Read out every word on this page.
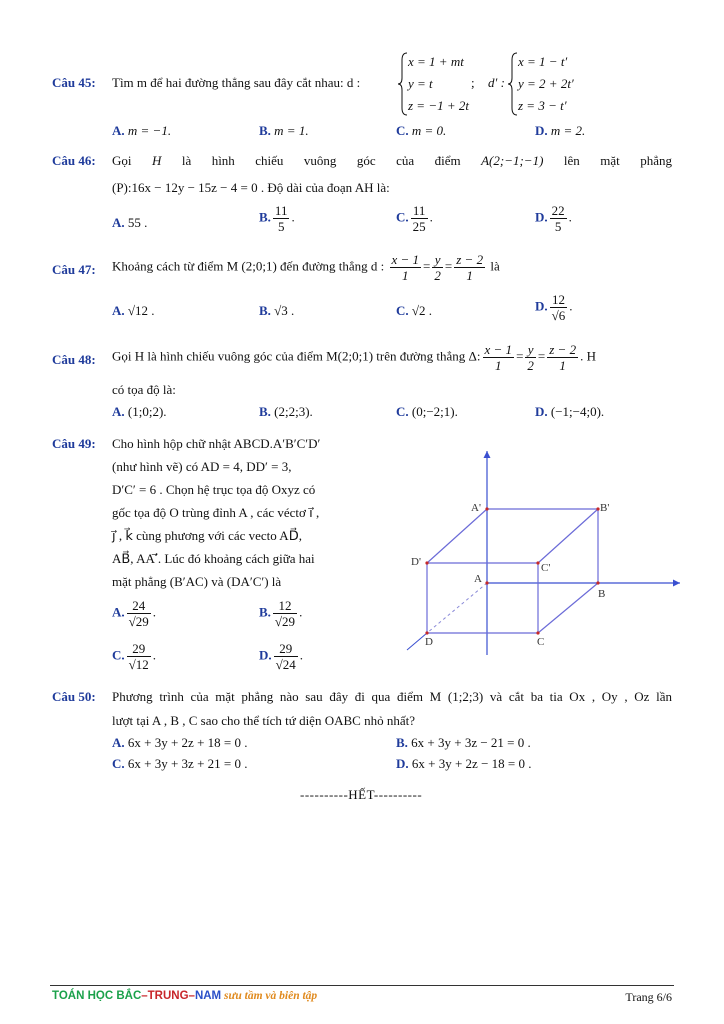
Câu 45: Tìm m để hai đường thẳng sau đây cắt nhau: d :
x = 1 + mt
y = t
z = −1 + 2t
; d′ :
x = 1 − t′
y = 2 + 2t′
z = 3 − t′
A. m = −1.	B. m = 1.	C. m = 0.	D. m = 2.
Câu 46: Gọi H là hình chiếu vuông góc của điểm A(2;−1;−1) lên mặt phẳng
(P):16x − 12y − 15z − 4 = 0 . Độ dài của đoạn AH là:
A. 55 .	B. $\frac{11}{5}$ .	C. $\frac{11}{25}$ .	D. $\frac{22}{5}$ .
Câu 47: Khoảng cách từ điểm M (2;0;1) đến đường thẳng d : $\frac{x - 1}{1} = \frac{y}{2} = \frac{z - 2}{1}$ là
A. √12 .	B. √3 .	C. √2 .	D. $\frac{12}{√6}$ .
Câu 48: Gọi H là hình chiếu vuông góc của điểm M(2;0;1) trên đường thẳng Δ: $\frac{x - 1}{1} = \frac{y}{2} = \frac{z - 2}{1}$ . H
có tọa độ là:
A. (1;0;2).	B. (2;2;3).	C. (0;−2;1).	D. (−1;−4;0).
Câu 49: Cho hình hộp chữ nhật ABCD.A′B′C′D′
(như hình vẽ) có AD = 4, DD′ = 3,
D′C′ = 6 . Chọn hệ trục tọa độ Oxyz có
gốc tọa độ O trùng đỉnh A , các véctơ i⃗ ,
j⃗ , k⃗ cùng phương với các vecto AD⃗,
AB⃗, AA′⃗. Lúc đó khoảng cách giữa hai
mặt phẳng (B′AC) và (DA′C′) là
A. $\frac{24}{√29}$ .	B. $\frac{12}{√29}$ .
C. $\frac{29}{√12}$ .	D. $\frac{29}{√24}$ .
A'	B'
D'	C'
A
B
D	C
Câu 50: Phương trình của mặt phẳng nào sau đây đi qua điểm M (1;2;3) và cắt ba tia Ox , Oy , Oz lần
lượt tại A , B , C sao cho thể tích tứ diện OABC nhỏ nhất?
A. 6x + 3y + 2z + 18 = 0 .	B. 6x + 3y + 3z − 21 = 0 .
C. 6x + 3y + 3z + 21 = 0 .	D. 6x + 3y + 2z − 18 = 0 .
----------HẾT----------
TOÁN HỌC BẮC–TRUNG–NAM sưu tầm và biên tập	Trang 6/6
